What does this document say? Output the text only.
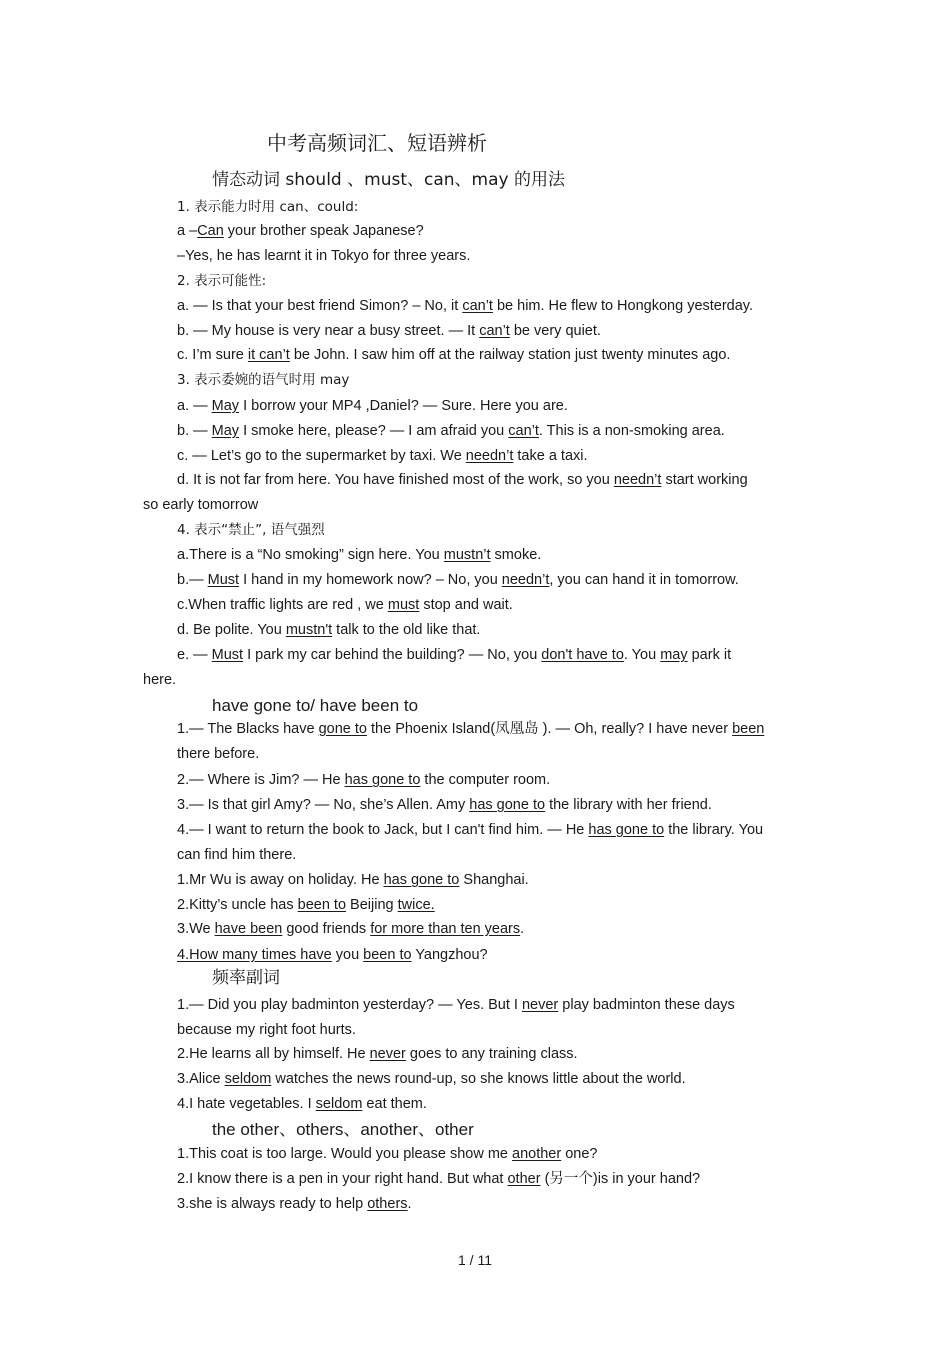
中考高频词汇、短语辨析
情态动词 should 、must、can、may 的用法
1. 表示能力时用 can、could:
a –Can your brother speak Japanese?
–Yes, he has learnt it in Tokyo for three years.
2. 表示可能性:
a. — Is that your best friend Simon? – No, it can’t be him. He flew to Hongkong yesterday.
b. — My house is very near a busy street. — It can’t be very quiet.
c. I’m sure it can’t be John. I saw him off at the railway station just twenty minutes ago.
3. 表示委婉的语气时用 may
a. — May I borrow your MP4 ,Daniel? — Sure. Here you are.
b. — May I smoke here, please? — I am afraid you can’t. This is a non-smoking area.
c. — Let’s go to the supermarket by taxi. We needn’t take a taxi.
d. It is not far from here. You have finished most of the work, so you needn’t start working
so early tomorrow
4. 表示“禁止”, 语气强烈
a.There is a “No smoking” sign here. You mustn’t smoke.
b.— Must I hand in my homework now? – No, you needn’t, you can hand it in tomorrow.
c.When traffic lights are red , we must stop and wait.
d. Be polite. You mustn't talk to the old like that.
e. — Must I park my car behind the building? — No, you don't have to. You may park it
here.
have gone to/ have been to
1.— The Blacks have gone to the Phoenix Island(凤凰岛 ). — Oh, really? I have never been
there before.
2.— Where is Jim? — He has gone to the computer room.
3.— Is that girl Amy? — No, she’s Allen. Amy has gone to the library with her friend.
4.— I want to return the book to Jack, but I can't find him. — He has gone to the library. You
can find him there.
1.Mr Wu is away on holiday. He has gone to Shanghai.
2.Kitty’s uncle has been to Beijing twice.
3.We have been good friends for more than ten years.
4.How many times have you been to Yangzhou?
频率副词
1.— Did you play badminton yesterday? — Yes. But I never play badminton these days
because my right foot hurts.
2.He learns all by himself. He never goes to any training class.
3.Alice seldom watches the news round-up, so she knows little about the world.
4.I hate vegetables. I seldom eat them.
the other、others、another、other
1.This coat is too large. Would you please show me another one?
2.I know there is a pen in your right hand. But what other (另一个)is in your hand?
3.she is always ready to help others.
1 / 11
